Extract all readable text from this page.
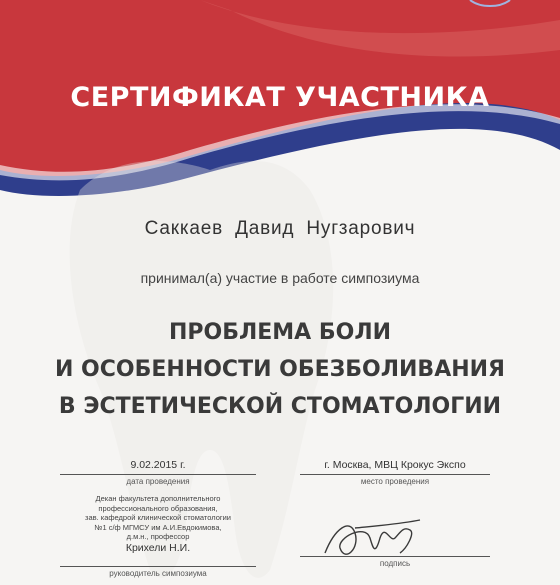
СЕРТИФИКАТ УЧАСТНИКА
Саккаев Давид Нугзарович
принимал(а) участие в работе симпозиума
ПРОБЛЕМА БОЛИ
И ОСОБЕННОСТИ ОБЕЗБОЛИВАНИЯ
В ЭСТЕТИЧЕСКОЙ СТОМАТОЛОГИИ
9.02.2015 г.
дата проведения
г. Москва, МВЦ Крокус Экспо
место проведения
Декан факультета дополнительного
профессионального образования,
зав. кафедрой клинической стоматологии
№1 с/ф МГМСУ им А.И.Евдокимова,
д.м.н., профессор
Крихели Н.И.
руководитель симпозиума
подпись
